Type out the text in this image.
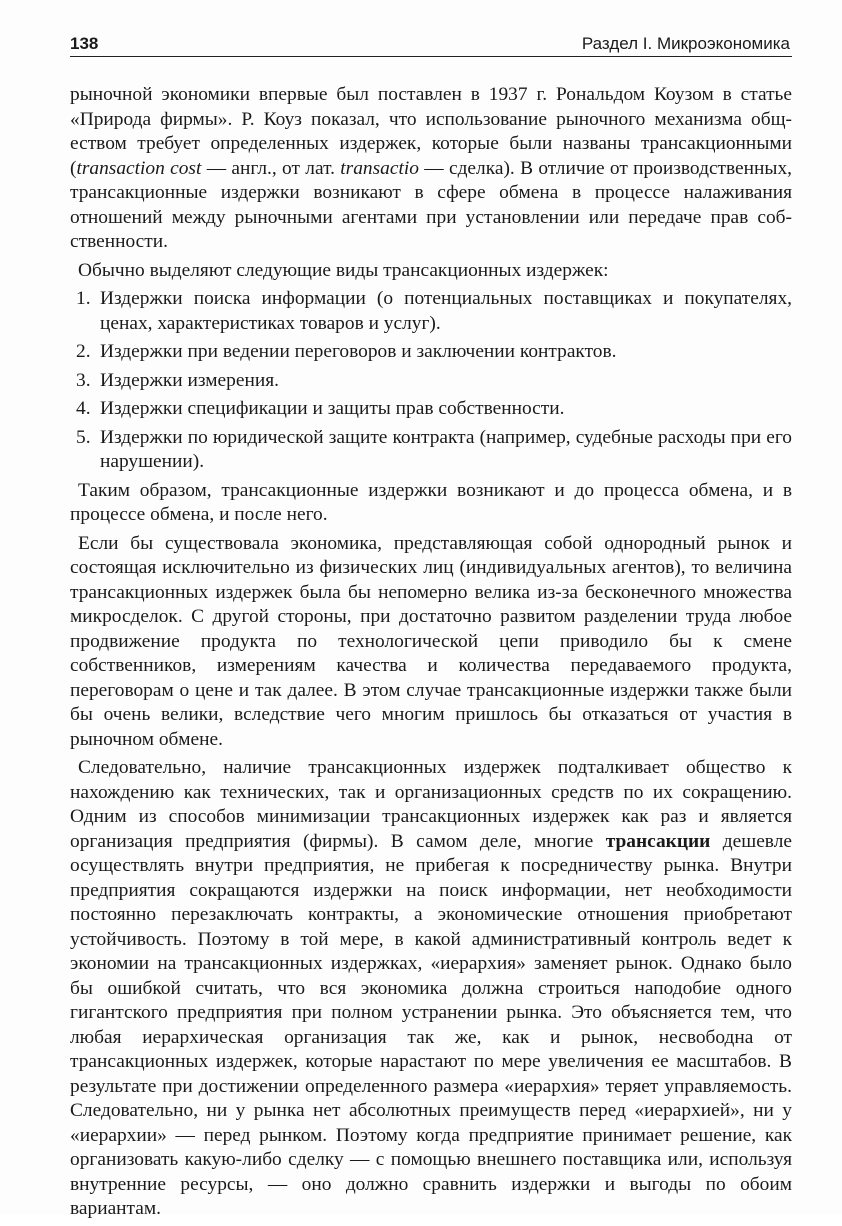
138	Раздел I. Микроэкономика

рыночной экономики впервые был поставлен в 1937 г. Рональдом Коузом в статье «Природа фирмы». Р. Коуз показал, что использование рыночного механизма обществом требует определенных издержек, которые были названы трансакционными (transaction cost — англ., от лат. transactio — сделка). В отличие от производственных, трансакционные издержки возникают в сфере обмена в процессе налаживания отношений между рыночными агентами при установлении или передаче прав собственности.

Обычно выделяют следующие виды трансакционных издержек:

1. Издержки поиска информации (о потенциальных поставщиках и покупателях, ценах, характеристиках товаров и услуг).
2. Издержки при ведении переговоров и заключении контрактов.
3. Издержки измерения.
4. Издержки спецификации и защиты прав собственности.
5. Издержки по юридической защите контракта (например, судебные расходы при его нарушении).

Таким образом, трансакционные издержки возникают и до процесса обмена, и в процессе обмена, и после него.

Если бы существовала экономика, представляющая собой однородный рынок и состоящая исключительно из физических лиц (индивидуальных агентов), то величина трансакционных издержек была бы непомерно велика из-за бесконечного множества микросделок. С другой стороны, при достаточно развитом разделении труда любое продвижение продукта по технологической цепи приводило бы к смене собственников, измерениям качества и количества передаваемого продукта, переговорам о цене и так далее. В этом случае трансакционные издержки также были бы очень велики, вследствие чего многим пришлось бы отказаться от участия в рыночном обмене.

Следовательно, наличие трансакционных издержек подталкивает общество к нахождению как технических, так и организационных средств по их сокращению. Одним из способов минимизации трансакционных издержек как раз и является организация предприятия (фирмы). В самом деле, многие трансакции дешевле осуществлять внутри предприятия, не прибегая к посредничеству рынка. Внутри предприятия сокращаются издержки на поиск информации, нет необходимости постоянно перезаключать контракты, а экономические отношения приобретают устойчивость. Поэтому в той мере, в какой административный контроль ведет к экономии на трансакционных издержках, «иерархия» заменяет рынок. Однако было бы ошибкой считать, что вся экономика должна строиться наподобие одного гигантского предприятия при полном устранении рынка. Это объясняется тем, что любая иерархическая организация так же, как и рынок, несвободна от трансакционных издержек, которые нарастают по мере увеличения ее масштабов. В результате при достижении определенного размера «иерархия» теряет управляемость. Следовательно, ни у рынка нет абсолютных преимуществ перед «иерархией», ни у «иерархии» — перед рынком. Поэтому когда предприятие принимает решение, как организовать какую-либо сделку — с помощью внешнего поставщика или, используя внутренние ресурсы, — оно должно сравнить издержки и выгоды по обоим вариантам.
